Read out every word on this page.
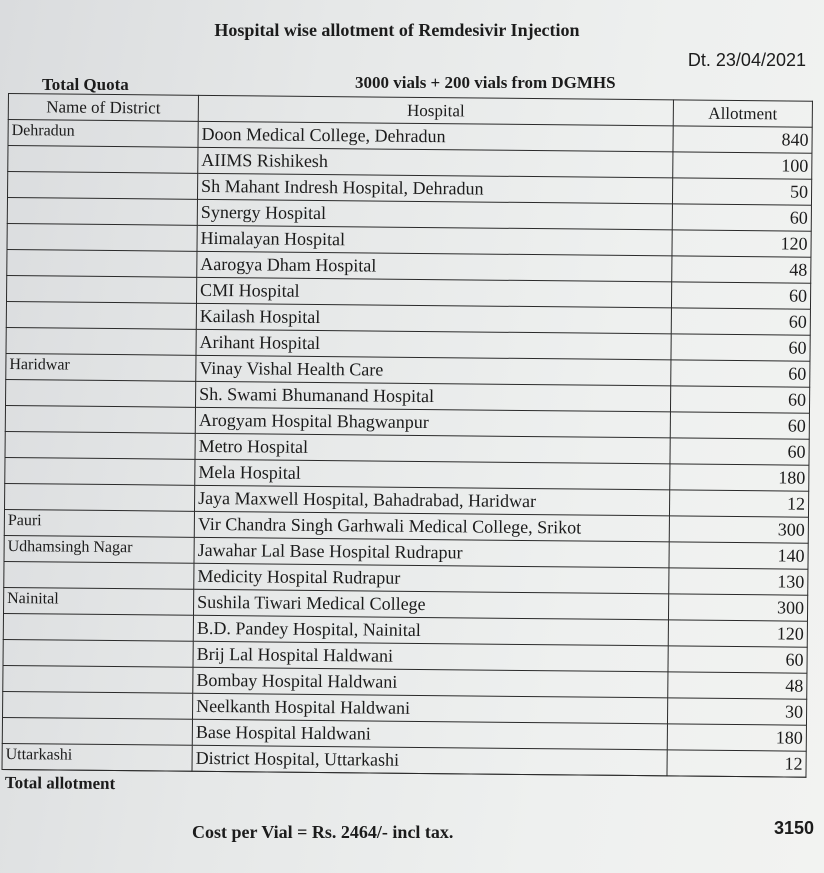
Hospital wise allotment of Remdesivir Injection
Dt. 23/04/2021
Total Quota	3000 vials + 200 vials from DGMHS
Name of District	Hospital	Allotment
Dehradun	Doon Medical College, Dehradun	840
	AIIMS Rishikesh	100
	Sh Mahant Indresh Hospital, Dehradun	50
	Synergy Hospital	60
	Himalayan Hospital	120
	Aarogya Dham Hospital	48
	CMI Hospital	60
	Kailash Hospital	60
	Arihant Hospital	60
Haridwar	Vinay Vishal Health Care	60
	Sh. Swami Bhumanand Hospital	60
	Arogyam Hospital Bhagwanpur	60
	Metro Hospital	60
	Mela Hospital	180
	Jaya Maxwell Hospital, Bahadrabad, Haridwar	12
Pauri	Vir Chandra Singh Garhwali Medical College, Srikot	300
Udhamsingh Nagar	Jawahar Lal Base Hospital Rudrapur	140
	Medicity Hospital Rudrapur	130
Nainital	Sushila Tiwari Medical College	300
	B.D. Pandey Hospital, Nainital	120
	Brij Lal Hospital Haldwani	60
	Bombay Hospital Haldwani	48
	Neelkanth Hospital Haldwani	30
	Base Hospital Haldwani	180
Uttarkashi	District Hospital, Uttarkashi	12
Total allotment		
3150
Cost per Vial = Rs. 2464/- incl tax.
